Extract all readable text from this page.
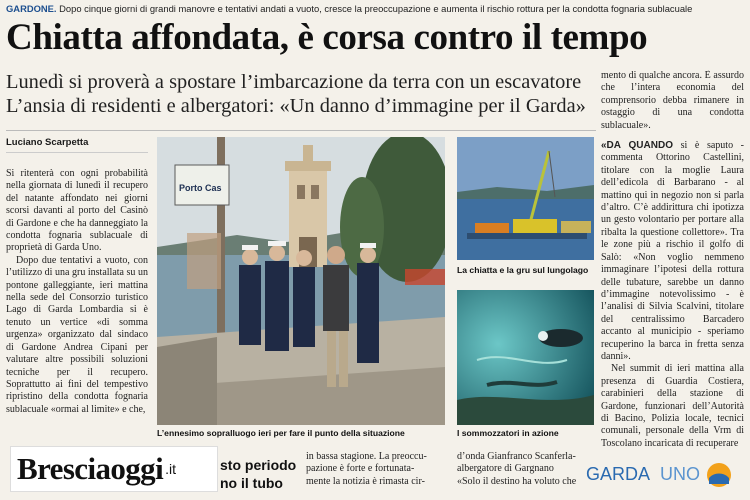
GARDONE. Dopo cinque giorni di grandi manovre e tentativi andati a vuoto, cresce la preoccupazione e aumenta il rischio rottura per la condotta fognaria sublacuale
Chiatta affondata, è corsa contro il tempo
Lunedì si proverà a spostare l’imbarcazione da terra con un escavatore
L’ansia di residenti e albergatori: «Un danno d’immagine per il Garda»
Luciano Scarpetta

Si ritenterà con ogni probabilità nella giornata di lunedì il recupero del natante affondato nei giorni scorsi davanti al porto del Casinò di Gardone e che ha danneggiato la condotta fognaria sublacuale di proprietà di Garda Uno.

Dopo due tentativi a vuoto, con l’utilizzo di una gru installata su un pontone galleggiante, ieri mattina nella sede del Consorzio turistico Lago di Garda Lombardia si è tenuto un vertice «di somma urgenza» organizzato dal sindaco di Gardone Andrea Cipani per valutare altre possibili soluzioni tecniche per il recupero. Soprattutto ai fini del tempestivo ripristino della condotta fognaria sublacuale «ormai al limite» e che,

Porto Cas
L’ennesimo sopralluogo ieri per fare il punto della situazione
La chiatta e la gru sul lungolago
I sommozzatori in azione

mento di qualche ancora. È assurdo che l’intera economia del comprensorio debba rimanere in ostaggio di una condotta sublacuale».

«DA QUANDO si è saputo - commenta Ottorino Castellini, titolare con la moglie Laura dell’edicola di Barbarano - al mattino qui in negozio non si parla d’altro. C’è addirittura chi ipotizza un gesto volontario per portare alla ribalta la questione collettore». Tra le zone più a rischio il golfo di Salò: «Non voglio nemmeno immaginare l’ipotesi della rottura delle tubature, sarebbe un danno d’immagine notevolissimo - è l’analisi di Silvia Scalvini, titolare del centralissimo Barcadero accanto al municipio - speriamo recuperino la barca in fretta senza danni».

Nel summit di ieri mattina alla presenza di Guardia Costiera, carabinieri della stazione di Gardone, funzionari dell’Autorità di Bacino, Polizia locale, tecnici comunali, personale della Vrm di Toscolano incaricata di recuperare

in bassa stagione. La preoccu-
pazione è forte e fortunata-
mente la notizia è rimasta cir-
d’onda Gianfranco Scanferla-
albergatore di Gargnano
«Solo il destino ha voluto che
sto periodo
no il tubo
Bresciaoggi .it	GARDA UNO
